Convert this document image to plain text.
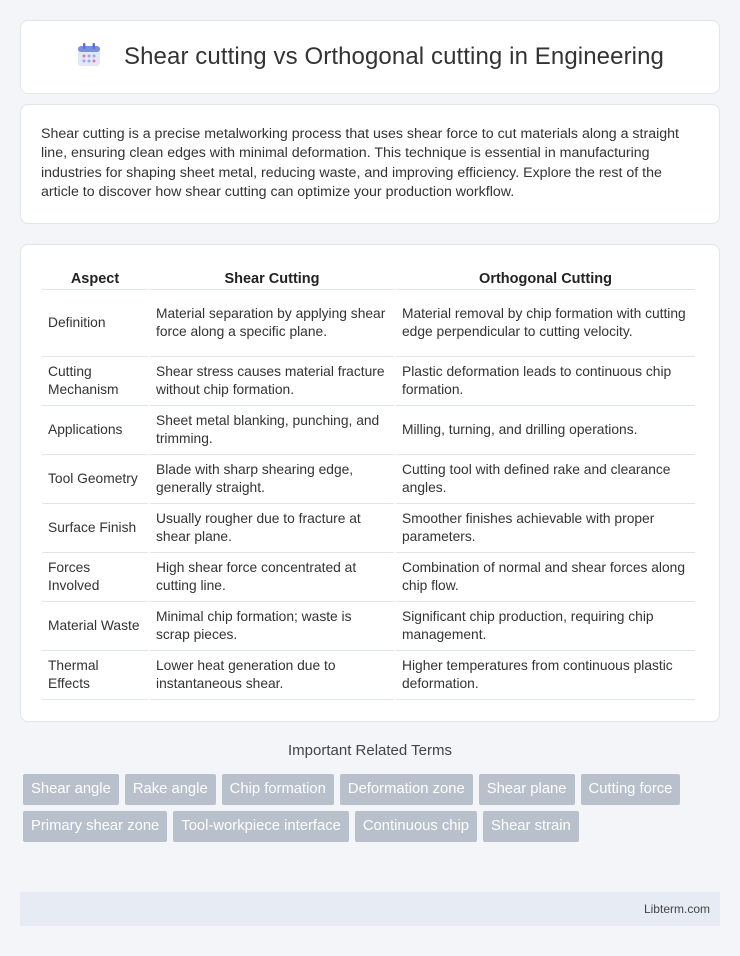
Shear cutting vs Orthogonal cutting in Engineering

Shear cutting is a precise metalworking process that uses shear force to cut materials along a straight line, ensuring clean edges with minimal deformation. This technique is essential in manufacturing industries for shaping sheet metal, reducing waste, and improving efficiency. Explore the rest of the article to discover how shear cutting can optimize your production workflow.

Aspect	Shear Cutting	Orthogonal Cutting
Definition	Material separation by applying shear force along a specific plane.	Material removal by chip formation with cutting edge perpendicular to cutting velocity.
Cutting Mechanism	Shear stress causes material fracture without chip formation.	Plastic deformation leads to continuous chip formation.
Applications	Sheet metal blanking, punching, and trimming.	Milling, turning, and drilling operations.
Tool Geometry	Blade with sharp shearing edge, generally straight.	Cutting tool with defined rake and clearance angles.
Surface Finish	Usually rougher due to fracture at shear plane.	Smoother finishes achievable with proper parameters.
Forces Involved	High shear force concentrated at cutting line.	Combination of normal and shear forces along chip flow.
Material Waste	Minimal chip formation; waste is scrap pieces.	Significant chip production, requiring chip management.
Thermal Effects	Lower heat generation due to instantaneous shear.	Higher temperatures from continuous plastic deformation.
Important Related Terms
Shear angle	Rake angle	Chip formation	Deformation zone	Shear plane	Cutting force
Primary shear zone	Tool-workpiece interface	Continuous chip	Shear strain
Libterm.com
